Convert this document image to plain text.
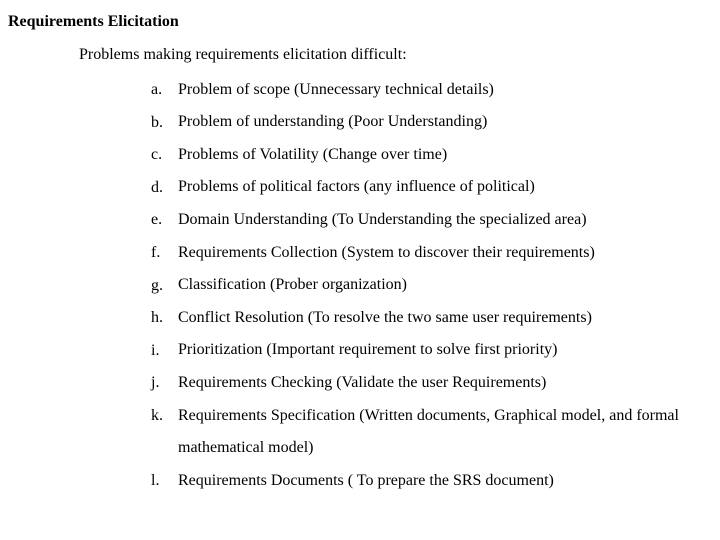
Requirements Elicitation
Problems making requirements elicitation difficult:
a. Problem of scope (Unnecessary technical details)
b. Problem of understanding (Poor Understanding)
c. Problems of Volatility (Change over time)
d. Problems of political factors (any influence of political)
e. Domain Understanding (To Understanding the specialized area)
f. Requirements Collection (System to discover their requirements)
g. Classification (Prober organization)
h. Conflict Resolution (To resolve the two same user requirements)
i. Prioritization (Important requirement to solve first priority)
j. Requirements Checking (Validate the user Requirements)
k. Requirements Specification (Written documents, Graphical model, and formal mathematical model)
l. Requirements Documents ( To prepare the SRS document)
